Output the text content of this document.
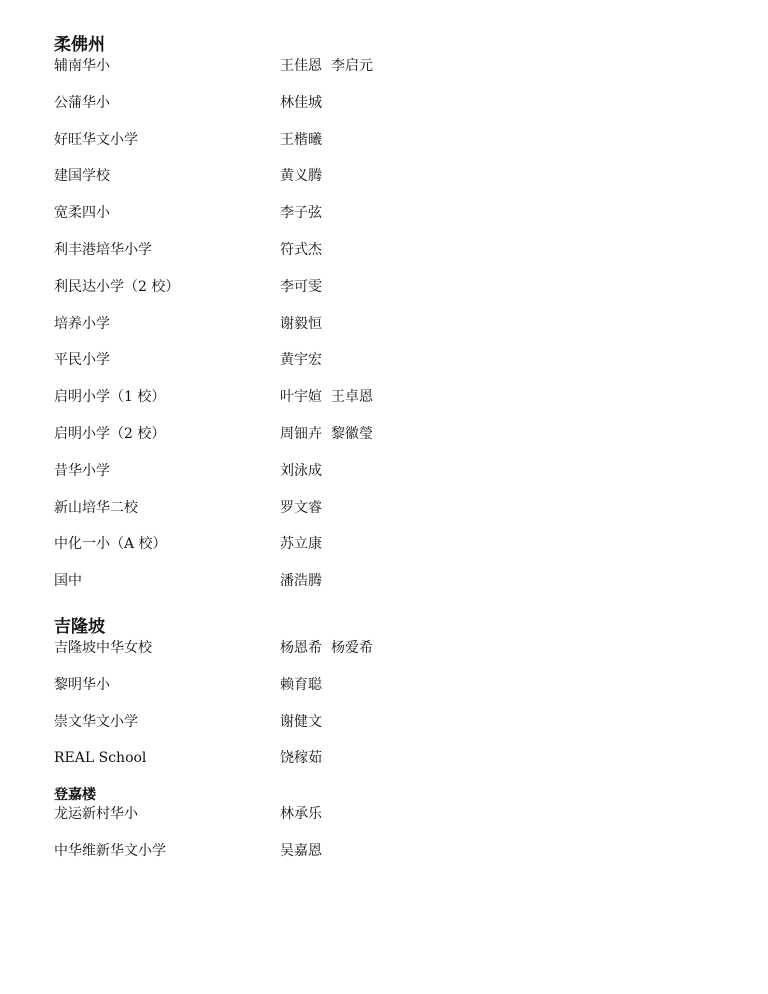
柔佛州
辅南华小	王佳恩 李启元
公蒲华小	林佳城
好旺华文小学	王楷曦
建国学校	黄义腾
宽柔四小	李子弦
利丰港培华小学	符式杰
利民达小学（2 校）	李可雯
培养小学	谢毅恒
平民小学	黄宇宏
启明小学（1 校）	叶宇媗 王卓恩
启明小学（2 校）	周钿卉 黎徽瑩
昔华小学	刘泳成
新山培华二校	罗文睿
中化一小（A 校）	苏立康
国中	潘浩腾
吉隆坡
吉隆坡中华女校	杨恩希 杨爱希
黎明华小	赖育聪
崇文华文小学	谢健文
REAL School	饶稼茹
登嘉楼
龙运新村华小	林承乐
中华维新华文小学	吴嘉恩
